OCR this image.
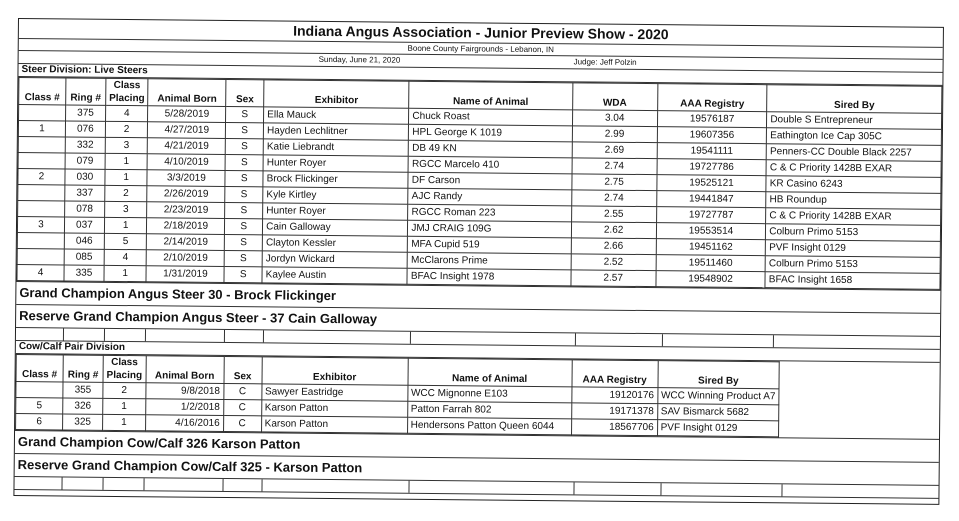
Indiana Angus Association - Junior Preview Show - 2020
Boone County Fairgrounds - Lebanon, IN
Sunday, June 21, 2020	Judge: Jeff Polzin
Steer Division: Live Steers
Class #	Ring #	Class Placing	Animal Born	Sex	Exhibitor	Name of Animal	WDA	AAA Registry	Sired By
	375	4	5/28/2019	S	Ella Mauck	Chuck Roast	3.04	19576187	Double S Entrepreneur
1	076	2	4/27/2019	S	Hayden Lechlitner	HPL George K 1019	2.99	19607356	Eathington Ice Cap 305C
	332	3	4/21/2019	S	Katie Liebrandt	DB 49 KN	2.69	19541111	Penners-CC Double Black 2257
	079	1	4/10/2019	S	Hunter Royer	RGCC Marcelo 410	2.74	19727786	C & C Priority 1428B EXAR
2	030	1	3/3/2019	S	Brock Flickinger	DF Carson	2.75	19525121	KR Casino 6243
	337	2	2/26/2019	S	Kyle Kirtley	AJC Randy	2.74	19441847	HB Roundup
	078	3	2/23/2019	S	Hunter Royer	RGCC Roman 223	2.55	19727787	C & C Priority 1428B EXAR
3	037	1	2/18/2019	S	Cain Galloway	JMJ CRAIG 109G	2.62	19553514	Colburn Primo 5153
	046	5	2/14/2019	S	Clayton Kessler	MFA Cupid 519	2.66	19451162	PVF Insight 0129
	085	4	2/10/2019	S	Jordyn Wickard	McClarons Prime	2.52	19511460	Colburn Primo 5153
4	335	1	1/31/2019	S	Kaylee Austin	BFAC Insight 1978	2.57	19548902	BFAC Insight 1658
Grand Champion Angus Steer 30 - Brock Flickinger
Reserve Grand Champion Angus Steer - 37 Cain Galloway
Cow/Calf Pair Division
Class #	Ring #	Class Placing	Animal Born	Sex	Exhibitor	Name of Animal	AAA Registry	Sired By
	355	2	9/8/2018	C	Sawyer Eastridge	WCC Mignonne E103	19120176	WCC Winning Product A7
5	326	1	1/2/2018	C	Karson Patton	Patton Farrah 802	19171378	SAV Bismarck 5682
6	325	1	4/16/2016	C	Karson Patton	Hendersons Patton Queen 6044	18567706	PVF Insight 0129
Grand Champion Cow/Calf 326 Karson Patton
Reserve Grand Champion Cow/Calf 325 - Karson Patton
